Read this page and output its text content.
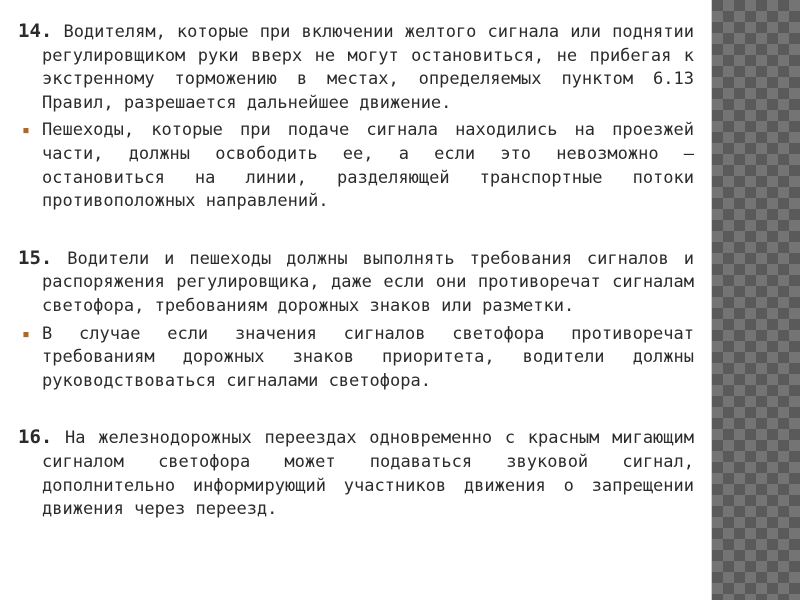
14. Водителям, которые при включении желтого сигнала или поднятии регулировщиком руки вверх не могут остановиться, не прибегая к экстренному торможению в местах, определяемых пунктом 6.13 Правил, разрешается дальнейшее движение.

▪ Пешеходы, которые при подаче сигнала находились на проезжей части, должны освободить ее, а если это невозможно — остановиться на линии, разделяющей транспортные потоки противоположных направлений.

15. Водители и пешеходы должны выполнять требования сигналов и распоряжения регулировщика, даже если они противоречат сигналам светофора, требованиям дорожных знаков или разметки.

▪ В случае если значения сигналов светофора противоречат требованиям дорожных знаков приоритета, водители должны руководствоваться сигналами светофора.

16. На железнодорожных переездах одновременно с красным мигающим сигналом светофора может подаваться звуковой сигнал, дополнительно информирующий участников движения о запрещении движения через переезд.
